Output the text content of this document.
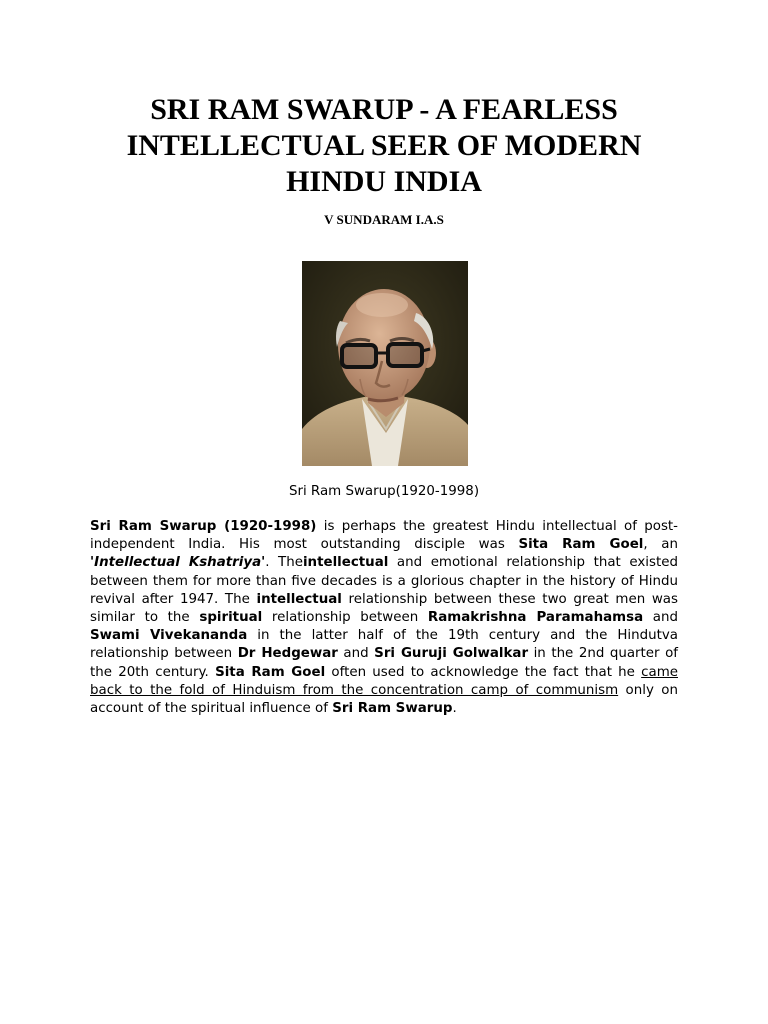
SRI RAM SWARUP - A FEARLESS
INTELLECTUAL SEER OF MODERN
HINDU INDIA
V SUNDARAM I.A.S
Sri Ram Swarup(1920-1998)

Sri Ram Swarup (1920-1998) is perhaps the greatest Hindu intellectual of post-independent India. His most outstanding disciple was Sita Ram Goel, an 'Intellectual Kshatriya'. Theintellectual and emotional relationship that existed between them for more than five decades is a glorious chapter in the history of Hindu revival after 1947. The intellectual relationship between these two great men was similar to the spiritual relationship between Ramakrishna Paramahamsa and Swami Vivekananda in the latter half of the 19th century and the Hindutva relationship between Dr Hedgewar and Sri Guruji Golwalkar in the 2nd quarter of the 20th century. Sita Ram Goel often used to acknowledge the fact that he came back to the fold of Hinduism from the concentration camp of communism only on account of the spiritual influence of Sri Ram Swarup.
